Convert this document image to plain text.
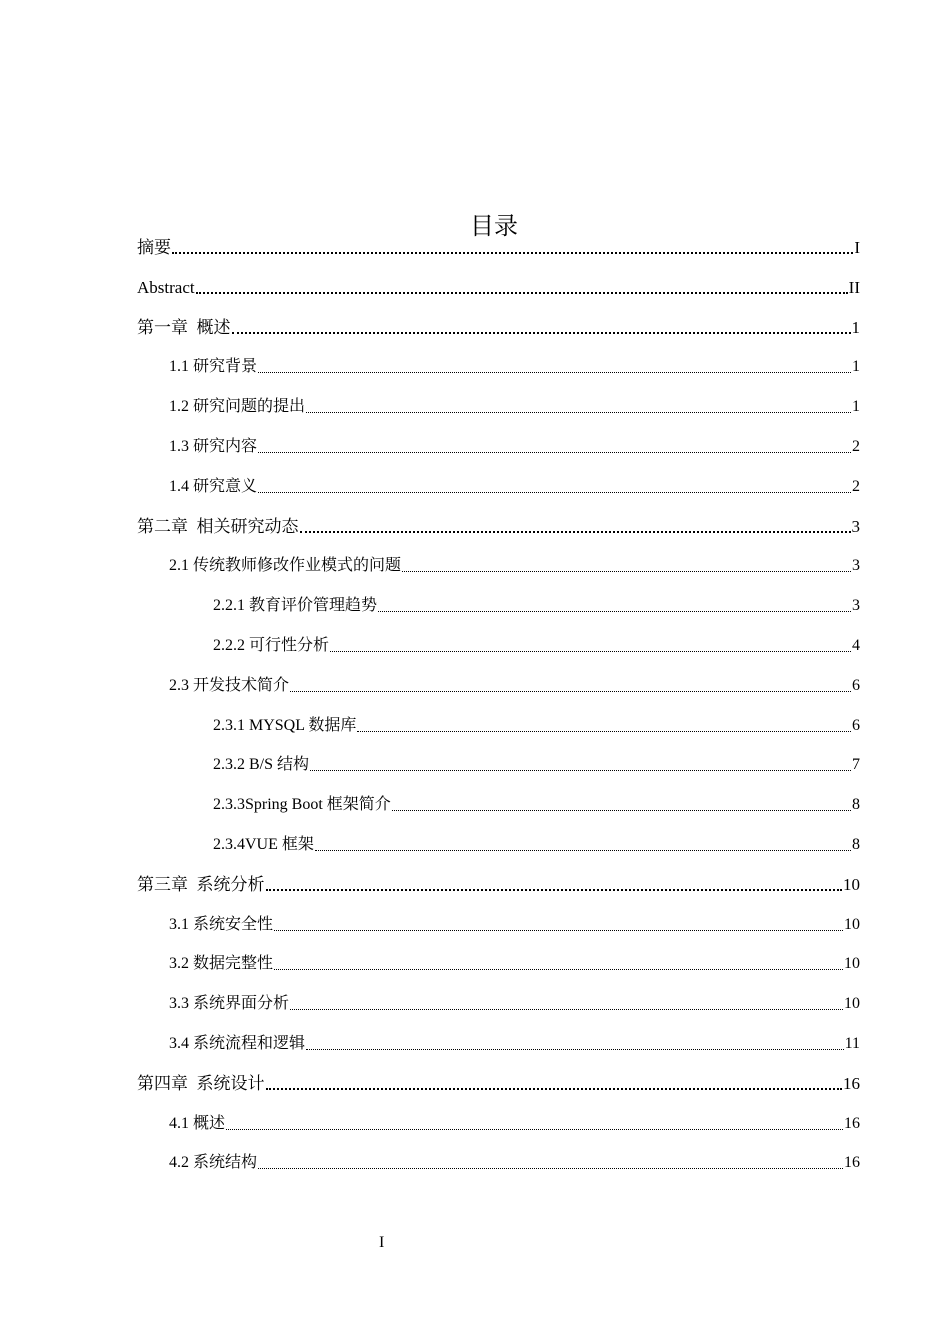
目录
摘要	I
Abstract	II
第一章  概述	1
1.1 研究背景	1
1.2 研究问题的提出	1
1.3 研究内容	2
1.4 研究意义	2
第二章  相关研究动态	3
2.1 传统教师修改作业模式的问题	3
2.2.1 教育评价管理趋势	3
2.2.2 可行性分析	4
2.3 开发技术简介	6
2.3.1 MYSQL 数据库	6
2.3.2 B/S 结构	7
2.3.3Spring Boot 框架简介	8
2.3.4VUE 框架	8
第三章  系统分析	10
3.1 系统安全性	10
3.2 数据完整性	10
3.3 系统界面分析	10
3.4 系统流程和逻辑	11
第四章  系统设计	16
4.1 概述	16
4.2 系统结构	16
I
